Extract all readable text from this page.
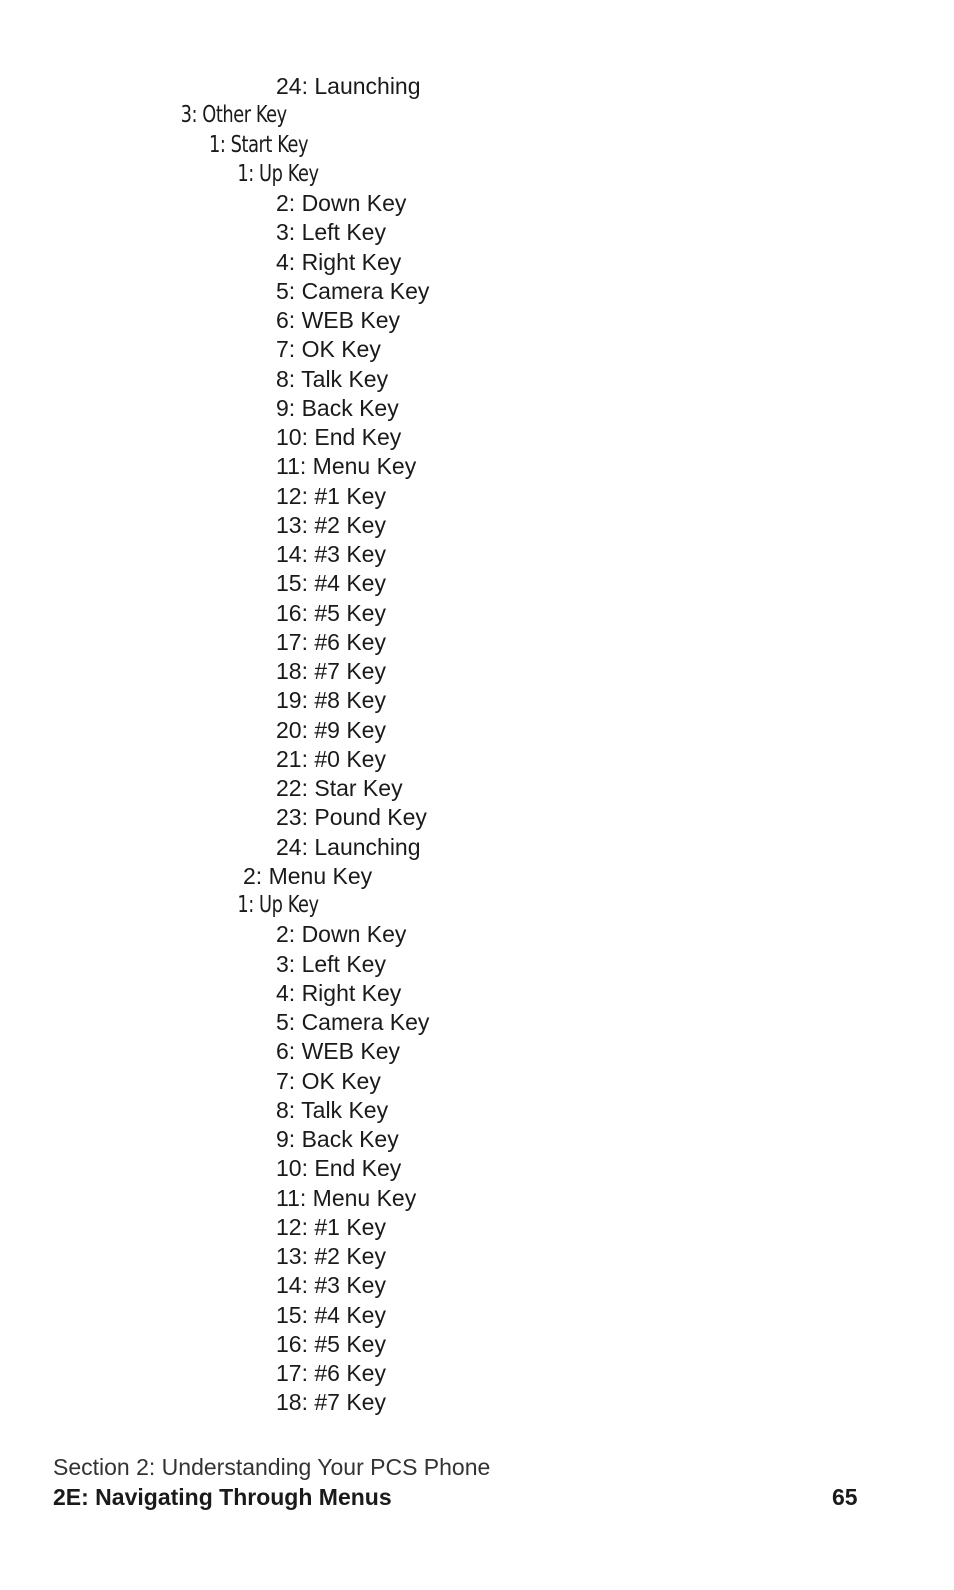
24: Launching
3: Other Key
1: Start Key
1: Up Key
2: Down Key
3: Left Key
4: Right Key
5: Camera Key
6: WEB Key
7: OK Key
8: Talk Key
9: Back Key
10: End Key
11: Menu Key
12: #1 Key
13: #2 Key
14: #3 Key
15: #4 Key
16: #5 Key
17: #6 Key
18: #7 Key
19: #8 Key
20: #9 Key
21: #0 Key
22: Star Key
23: Pound Key
24: Launching
2: Menu Key
1: Up Key
2: Down Key
3: Left Key
4: Right Key
5: Camera Key
6: WEB Key
7: OK Key
8: Talk Key
9: Back Key
10: End Key
11: Menu Key
12: #1 Key
13: #2 Key
14: #3 Key
15: #4 Key
16: #5 Key
17: #6 Key
18: #7 Key
Section 2: Understanding Your PCS Phone
2E: Navigating Through Menus	65
